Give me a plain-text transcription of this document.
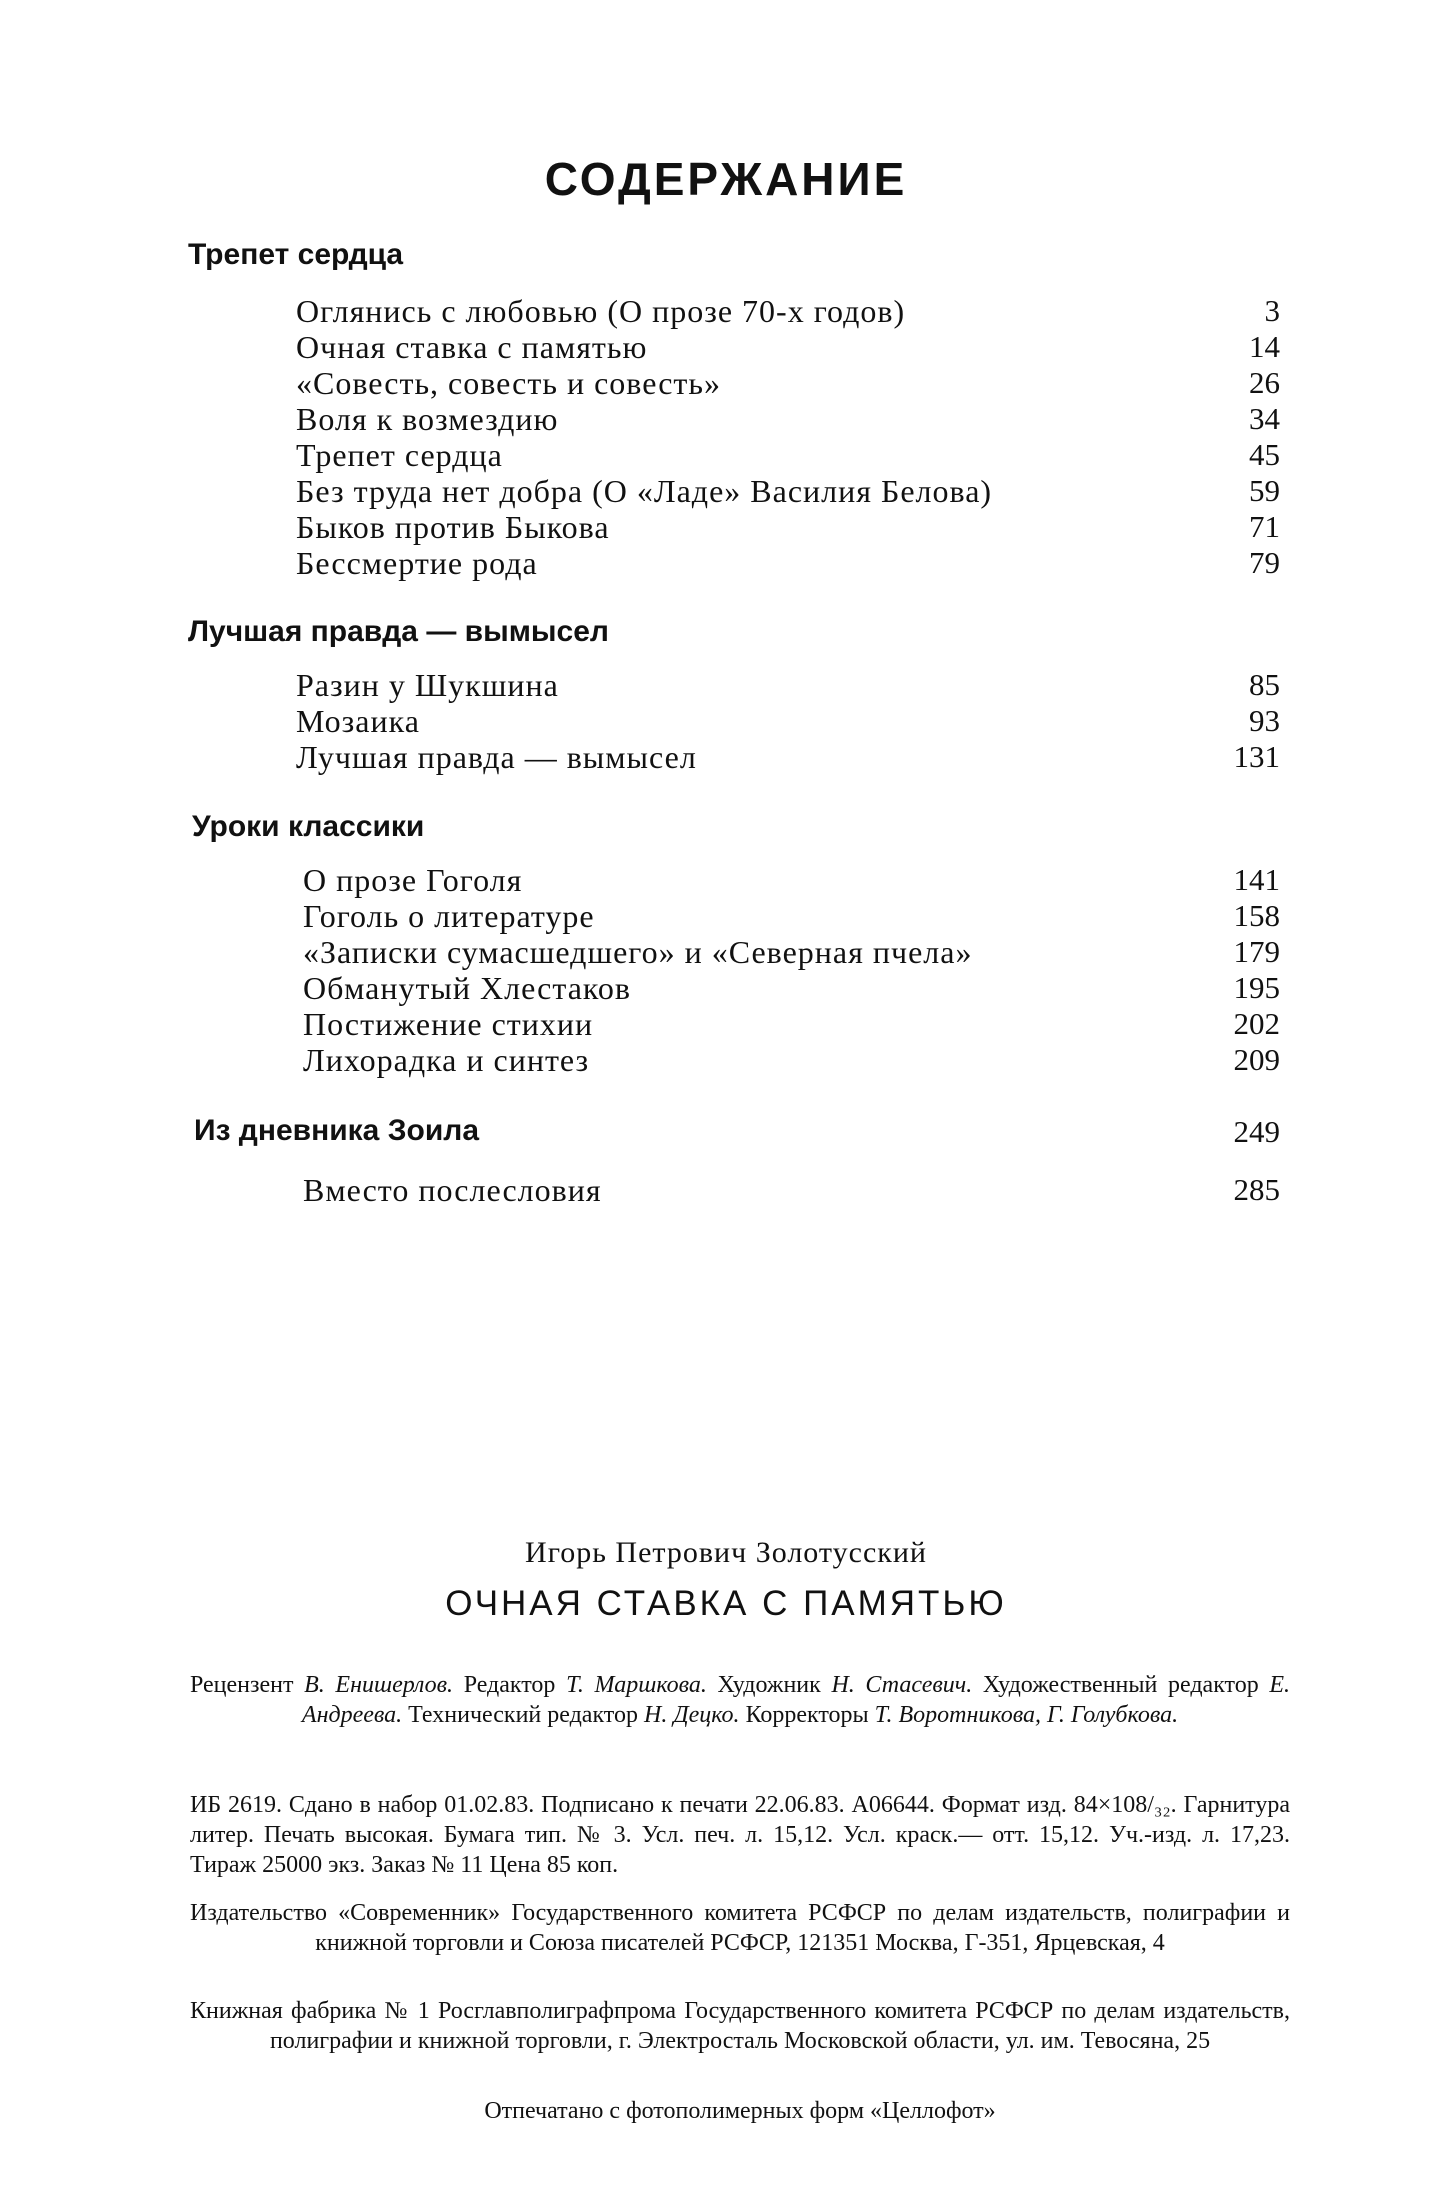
СОДЕРЖАНИЕ
Трепет сердца
Оглянись с любовью (О прозе 70-х годов)	3
Очная ставка с памятью	14
«Совесть, совесть и совесть»	26
Воля к возмездию	34
Трепет сердца	45
Без труда нет добра (О «Ладе» Василия Белова)	59
Быков против Быкова	71
Бессмертие рода	79
Лучшая правда — вымысел
Разин у Шукшина	85
Мозаика	93
Лучшая правда — вымысел	131
Уроки классики
О прозе Гоголя	141
Гоголь о литературе	158
«Записки сумасшедшего» и «Северная пчела»	179
Обманутый Хлестаков	195
Постижение стихии	202
Лихорадка и синтез	209
Из дневника Зоила	249
Вместо послесловия	285
Игорь Петрович Золотусский
ОЧНАЯ СТАВКА С ПАМЯТЬЮ
Рецензент В. Енишерлов. Редактор Т. Маршкова. Художник Н. Стасевич. Художественный редактор Е. Андреева. Технический редактор Н. Децко. Корректоры Т. Воротникова, Г. Голубкова.
ИБ 2619. Сдано в набор 01.02.83. Подписано к печати 22.06.83. А06644. Формат изд. 84×108/₃₂. Гарнитура литер. Печать высокая. Бумага тип. № 3. Усл. печ. л. 15,12. Усл. краск.— отт. 15,12. Уч.-изд. л. 17,23. Тираж 25000 экз. Заказ № 11 Цена 85 коп.
Издательство «Современник» Государственного комитета РСФСР по делам издательств, полиграфии и книжной торговли и Союза писателей РСФСР, 121351 Москва, Г-351, Ярцевская, 4
Книжная фабрика № 1 Росглавполиграфпрома Государственного комитета РСФСР по делам издательств, полиграфии и книжной торговли, г. Электросталь Московской области, ул. им. Тевосяна, 25
Отпечатано с фотополимерных форм «Целлофот»
